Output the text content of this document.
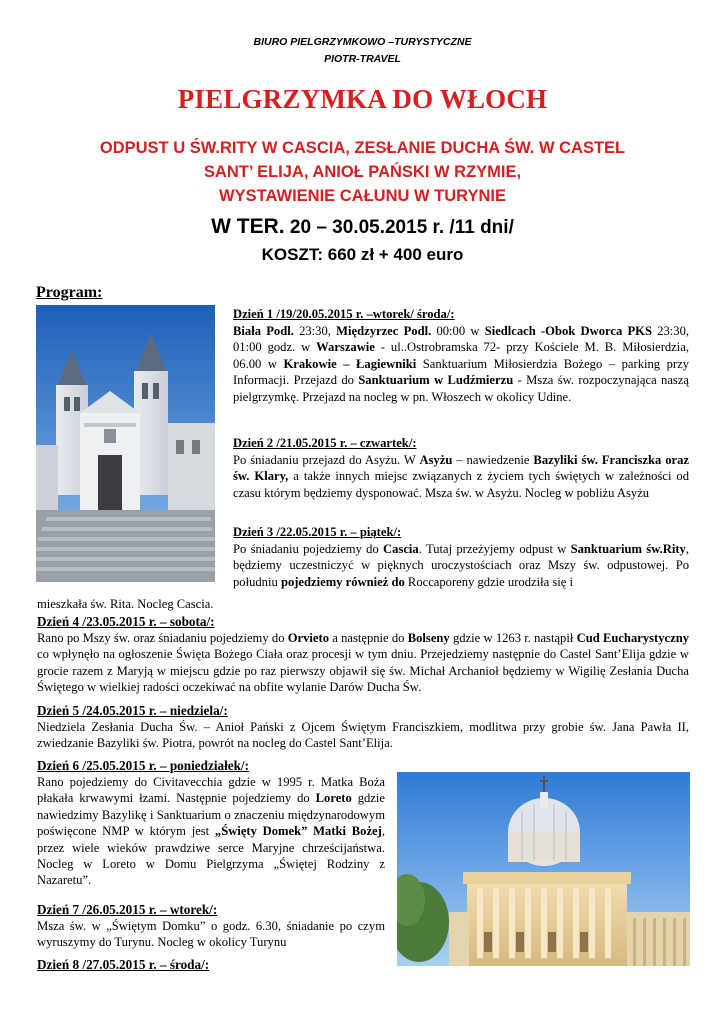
BIURO PIELGRZYMKOWO –TURYSTYCZNE
PIOTR-TRAVEL
PIELGRZYMKA DO WŁOCH
ODPUST U ŚW.RITY W CASCIA, ZESŁANIE DUCHA ŚW. W CASTEL
SANT’ ELIJA, ANIOŁ PAŃSKI W RZYMIE,
WYSTAWIENIE CAŁUNU W TURYNIE
W TER. 20 – 30.05.2015 r. /11 dni/
KOSZT: 660 zł + 400 euro
Program:
Dzień 1 /19/20.05.2015 r. –wtorek/ środa/:
Biała Podl. 23:30, Międzyrzec Podl. 00:00 w Siedlcach -Obok Dworca PKS 23:30, 01:00 godz. w Warszawie - ul..Ostrobramska 72- przy Kościele M. B. Miłosierdzia, 06.00 w Krakowie – Łagiewniki Sanktuarium Miłosierdzia Bożego – parking przy Informacji. Przejazd do Sanktuarium w Ludźmierzu - Msza św. rozpoczynająca naszą pielgrzymkę. Przejazd na nocleg w pn. Włoszech w okolicy Udine.
Dzień 2 /21.05.2015 r. – czwartek/:
Po śniadaniu przejazd do Asyżu. W Asyżu – nawiedzenie Bazyliki św. Franciszka oraz św. Klary, a także innych miejsc związanych z życiem tych świętych w zależności od czasu którym będziemy dysponować. Msza św. w Asyżu. Nocleg w pobliżu Asyżu
Dzień 3 /22.05.2015 r. – piątek/:
Po śniadaniu pojedziemy do Cascia. Tutaj przeżyjemy odpust w Sanktuarium św.Rity, będziemy uczestniczyć w pięknych uroczystościach oraz Mszy św. odpustowej. Po południu pojedziemy również do Roccaporeny gdzie urodziła się i
mieszkała św. Rita. Nocleg Cascia.
Dzień 4 /23.05.2015 r. – sobota/:
Rano po Mszy św. oraz śniadaniu pojedziemy do Orvieto a następnie do Bolseny gdzie w 1263 r. nastąpił Cud Eucharystyczny co wpłynęło na ogłoszenie Święta Bożego Ciała oraz procesji w tym dniu. Przejedziemy następnie do Castel Sant’Elija gdzie w grocie razem z Maryją w miejscu gdzie po raz pierwszy objawił się św. Michał Archanioł będziemy w Wigilię Zesłania Ducha Świętego w wielkiej radości oczekiwać na obfite wylanie Darów Ducha Św.
Dzień 5 /24.05.2015 r. – niedziela/:
Niedziela Zesłania Ducha Św. – Anioł Pański z Ojcem Świętym Franciszkiem, modlitwa przy grobie św. Jana Pawła II, zwiedzanie Bazyliki św. Piotra, powrót na nocleg do Castel Sant’Elija.
Dzień 6 /25.05.2015 r. – poniedziałek/:
Rano pojedziemy do Civitavecchia gdzie w 1995 r. Matka Boża płakała krwawymi łzami. Następnie pojedziemy do Loreto gdzie nawiedzimy Bazylikę i Sanktuarium o znaczeniu międzynarodowym poświęcone NMP w którym jest „Święty Domek” Matki Bożej, przez wiele wieków prawdziwe serce Maryjne chrześcijaństwa. Nocleg w Loreto w Domu Pielgrzyma „Świętej Rodziny z Nazaretu”.
Dzień 7 /26.05.2015 r. – wtorek/:
Msza św. w „Świętym Domku” o godz. 6.30, śniadanie po czym wyruszymy do Turynu. Nocleg w okolicy Turynu
Dzień 8 /27.05.2015 r. – środa/:
